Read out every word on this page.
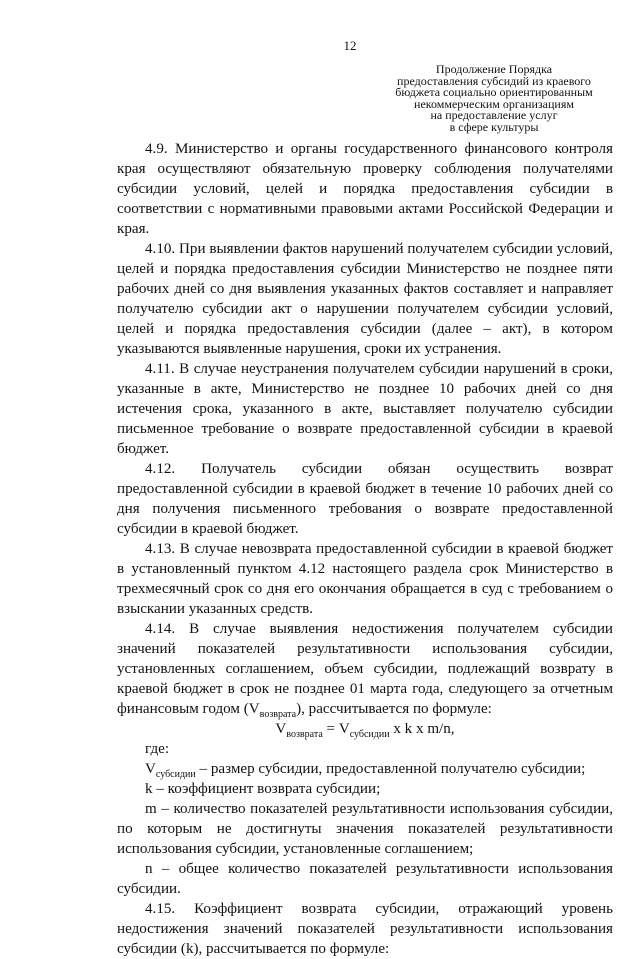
12
Продолжение Порядка
предоставления субсидий из краевого
бюджета социально ориентированным
некоммерческим организациям
на предоставление услуг
в сфере культуры

4.9. Министерство и органы государственного финансового контроля края осуществляют обязательную проверку соблюдения получателями субсидии условий, целей и порядка предоставления субсидии в соответствии с нормативными правовыми актами Российской Федерации и края.

4.10. При выявлении фактов нарушений получателем субсидии условий, целей и порядка предоставления субсидии Министерство не позднее пяти рабочих дней со дня выявления указанных фактов составляет и направляет получателю субсидии акт о нарушении получателем субсидии условий, целей и порядка предоставления субсидии (далее – акт), в котором указываются выявленные нарушения, сроки их устранения.

4.11. В случае неустранения получателем субсидии нарушений в сроки, указанные в акте, Министерство не позднее 10 рабочих дней со дня истечения срока, указанного в акте, выставляет получателю субсидии письменное требование о возврате предоставленной субсидии в краевой бюджет.

4.12. Получатель субсидии обязан осуществить возврат предоставленной субсидии в краевой бюджет в течение 10 рабочих дней со дня получения письменного требования о возврате предоставленной субсидии в краевой бюджет.

4.13. В случае невозврата предоставленной субсидии в краевой бюджет в установленный пунктом 4.12 настоящего раздела срок Министерство в трехмесячный срок со дня его окончания обращается в суд с требованием о взыскании указанных средств.

4.14. В случае выявления недостижения получателем субсидии значений показателей результативности использования субсидии, установленных соглашением, объем субсидии, подлежащий возврату в краевой бюджет в срок не позднее 01 марта года, следующего за отчетным финансовым годом $(V_{возврата})$, рассчитывается по формуле:

$V_{возврата} = V_{субсидии}$ x k x m/n,

где:

$V_{субсидии}$ – размер субсидии, предоставленной получателю субсидии;

k – коэффициент возврата субсидии;

m – количество показателей результативности использования субсидии, по которым не достигнуты значения показателей результативности использования субсидии, установленные соглашением;

n – общее количество показателей результативности использования субсидии.

4.15. Коэффициент возврата субсидии, отражающий уровень недостижения значений показателей результативности использования субсидии (k), рассчитывается по формуле:
